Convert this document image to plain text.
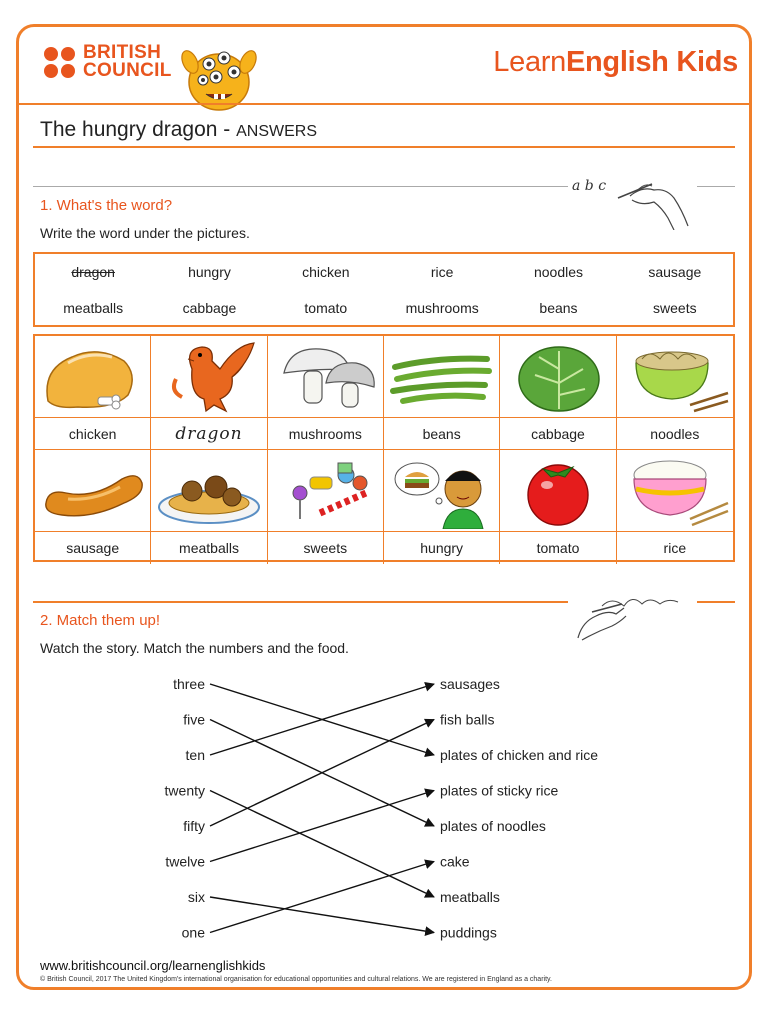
BRITISH
COUNCIL	LearnEnglish Kids
The hungry dragon - ANSWERS
a b c
1. What's the word?
Write the word under the pictures.
dragon	hungry	chicken	rice	noodles	sausage
meatballs	cabbage	tomato	mushrooms	beans	sweets
chicken	dragon	mushrooms	beans	cabbage	noodles
sausage	meatballs	sweets	hungry	tomato	rice
2. Match them up!
Watch the story. Match the numbers and the food.
three
five
ten
twenty
fifty
twelve
six
one
sausages
fish balls
plates of chicken and rice
plates of sticky rice
plates of noodles
cake
meatballs
puddings
www.britishcouncil.org/learnenglishkids
© British Council, 2017 The United Kingdom's international organisation for educational opportunities and cultural relations. We are registered in England as a charity.
